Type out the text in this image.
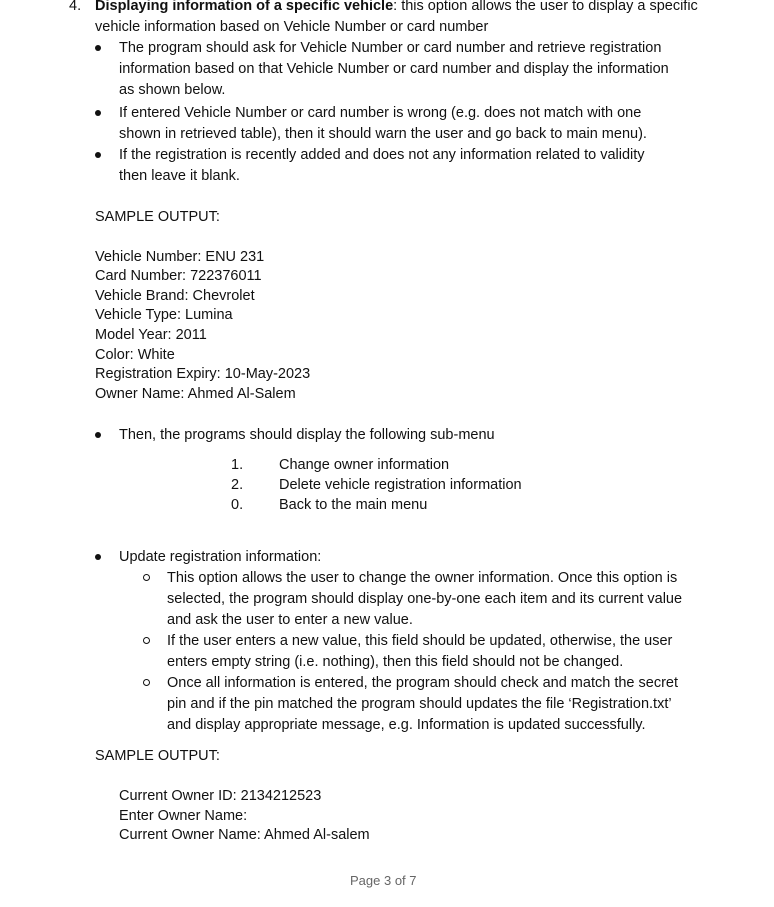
4. Displaying information of a specific vehicle: this option allows the user to display a specific
vehicle information based on Vehicle Number or card number
The program should ask for Vehicle Number or card number and retrieve registration
information based on that Vehicle Number or card number and display the information
as shown below.
If entered Vehicle Number or card number is wrong (e.g. does not match with one
shown in retrieved table), then it should warn the user and go back to main menu).
If the registration is recently added and does not any information related to validity
then leave it blank.
SAMPLE OUTPUT:
Vehicle Number: ENU 231
Card Number: 722376011
Vehicle Brand: Chevrolet
Vehicle Type: Lumina
Model Year: 2011
Color: White
Registration Expiry: 10-May-2023
Owner Name: Ahmed Al-Salem
Then, the programs should display the following sub-menu
1. Change owner information
2. Delete vehicle registration information
0. Back to the main menu
Update registration information:
This option allows the user to change the owner information. Once this option is
selected, the program should display one-by-one each item and its current value
and ask the user to enter a new value.
If the user enters a new value, this field should be updated, otherwise, the user
enters empty string (i.e. nothing), then this field should not be changed.
Once all information is entered, the program should check and match the secret
pin and if the pin matched the program should updates the file ‘Registration.txt’
and display appropriate message, e.g. Information is updated successfully.
SAMPLE OUTPUT:
Current Owner ID: 2134212523
Enter Owner Name:
Current Owner Name: Ahmed Al-salem
Page 3 of 7
